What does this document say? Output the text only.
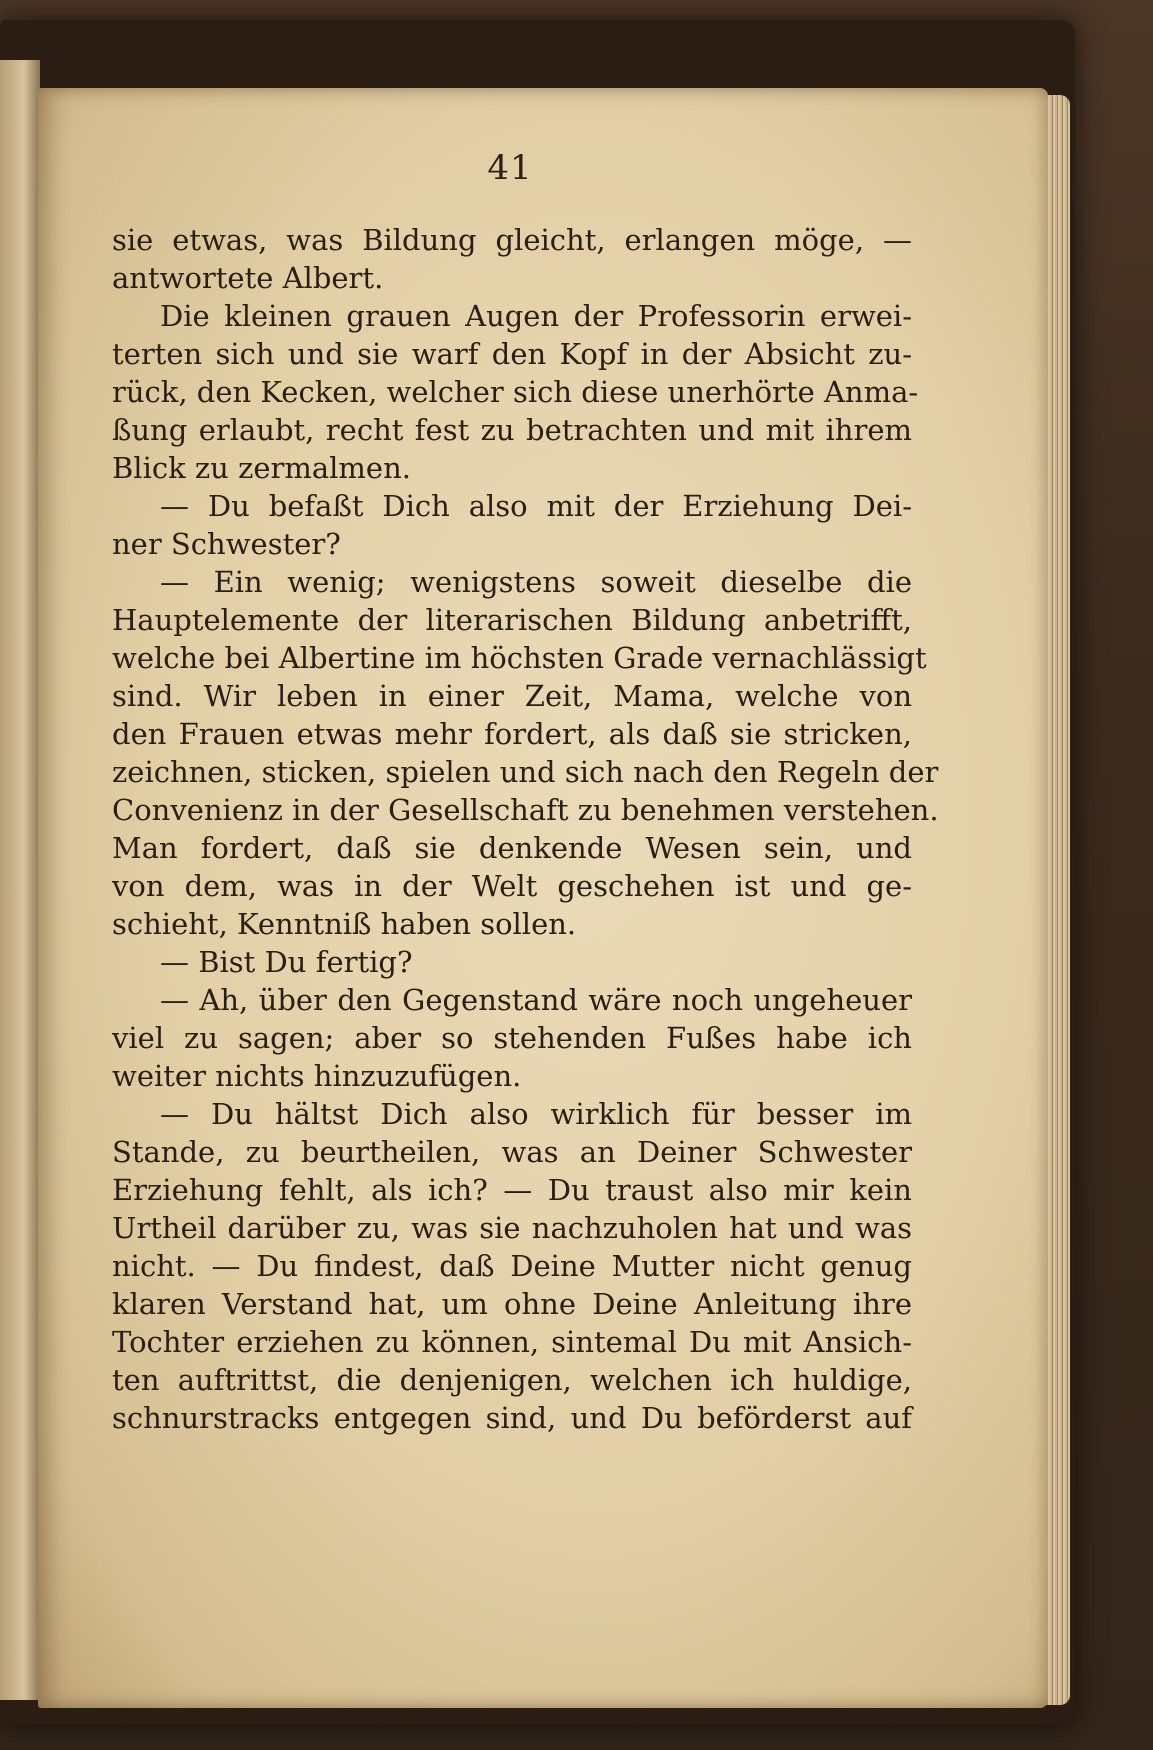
41
sie etwas, was Bildung gleicht, erlangen möge, —
antwortete Albert.
Die kleinen grauen Augen der Professorin erwei-
terten sich und sie warf den Kopf in der Absicht zu-
rück, den Kecken, welcher sich diese unerhörte Anma-
ßung erlaubt, recht fest zu betrachten und mit ihrem
Blick zu zermalmen.
— Du befaßt Dich also mit der Erziehung Dei-
ner Schwester?
— Ein wenig; wenigstens soweit dieselbe die
Hauptelemente der literarischen Bildung anbetrifft,
welche bei Albertine im höchsten Grade vernachlässigt
sind. Wir leben in einer Zeit, Mama, welche von
den Frauen etwas mehr fordert, als daß sie stricken,
zeichnen, sticken, spielen und sich nach den Regeln der
Convenienz in der Gesellschaft zu benehmen verstehen.
Man fordert, daß sie denkende Wesen sein, und
von dem, was in der Welt geschehen ist und ge-
schieht, Kenntniß haben sollen.
— Bist Du fertig?
— Ah, über den Gegenstand wäre noch ungeheuer
viel zu sagen; aber so stehenden Fußes habe ich
weiter nichts hinzuzufügen.
— Du hältst Dich also wirklich für besser im
Stande, zu beurtheilen, was an Deiner Schwester
Erziehung fehlt, als ich? — Du traust also mir kein
Urtheil darüber zu, was sie nachzuholen hat und was
nicht. — Du findest, daß Deine Mutter nicht genug
klaren Verstand hat, um ohne Deine Anleitung ihre
Tochter erziehen zu können, sintemal Du mit Ansich-
ten auftrittst, die denjenigen, welchen ich huldige,
schnurstracks entgegen sind, und Du beförderst auf
